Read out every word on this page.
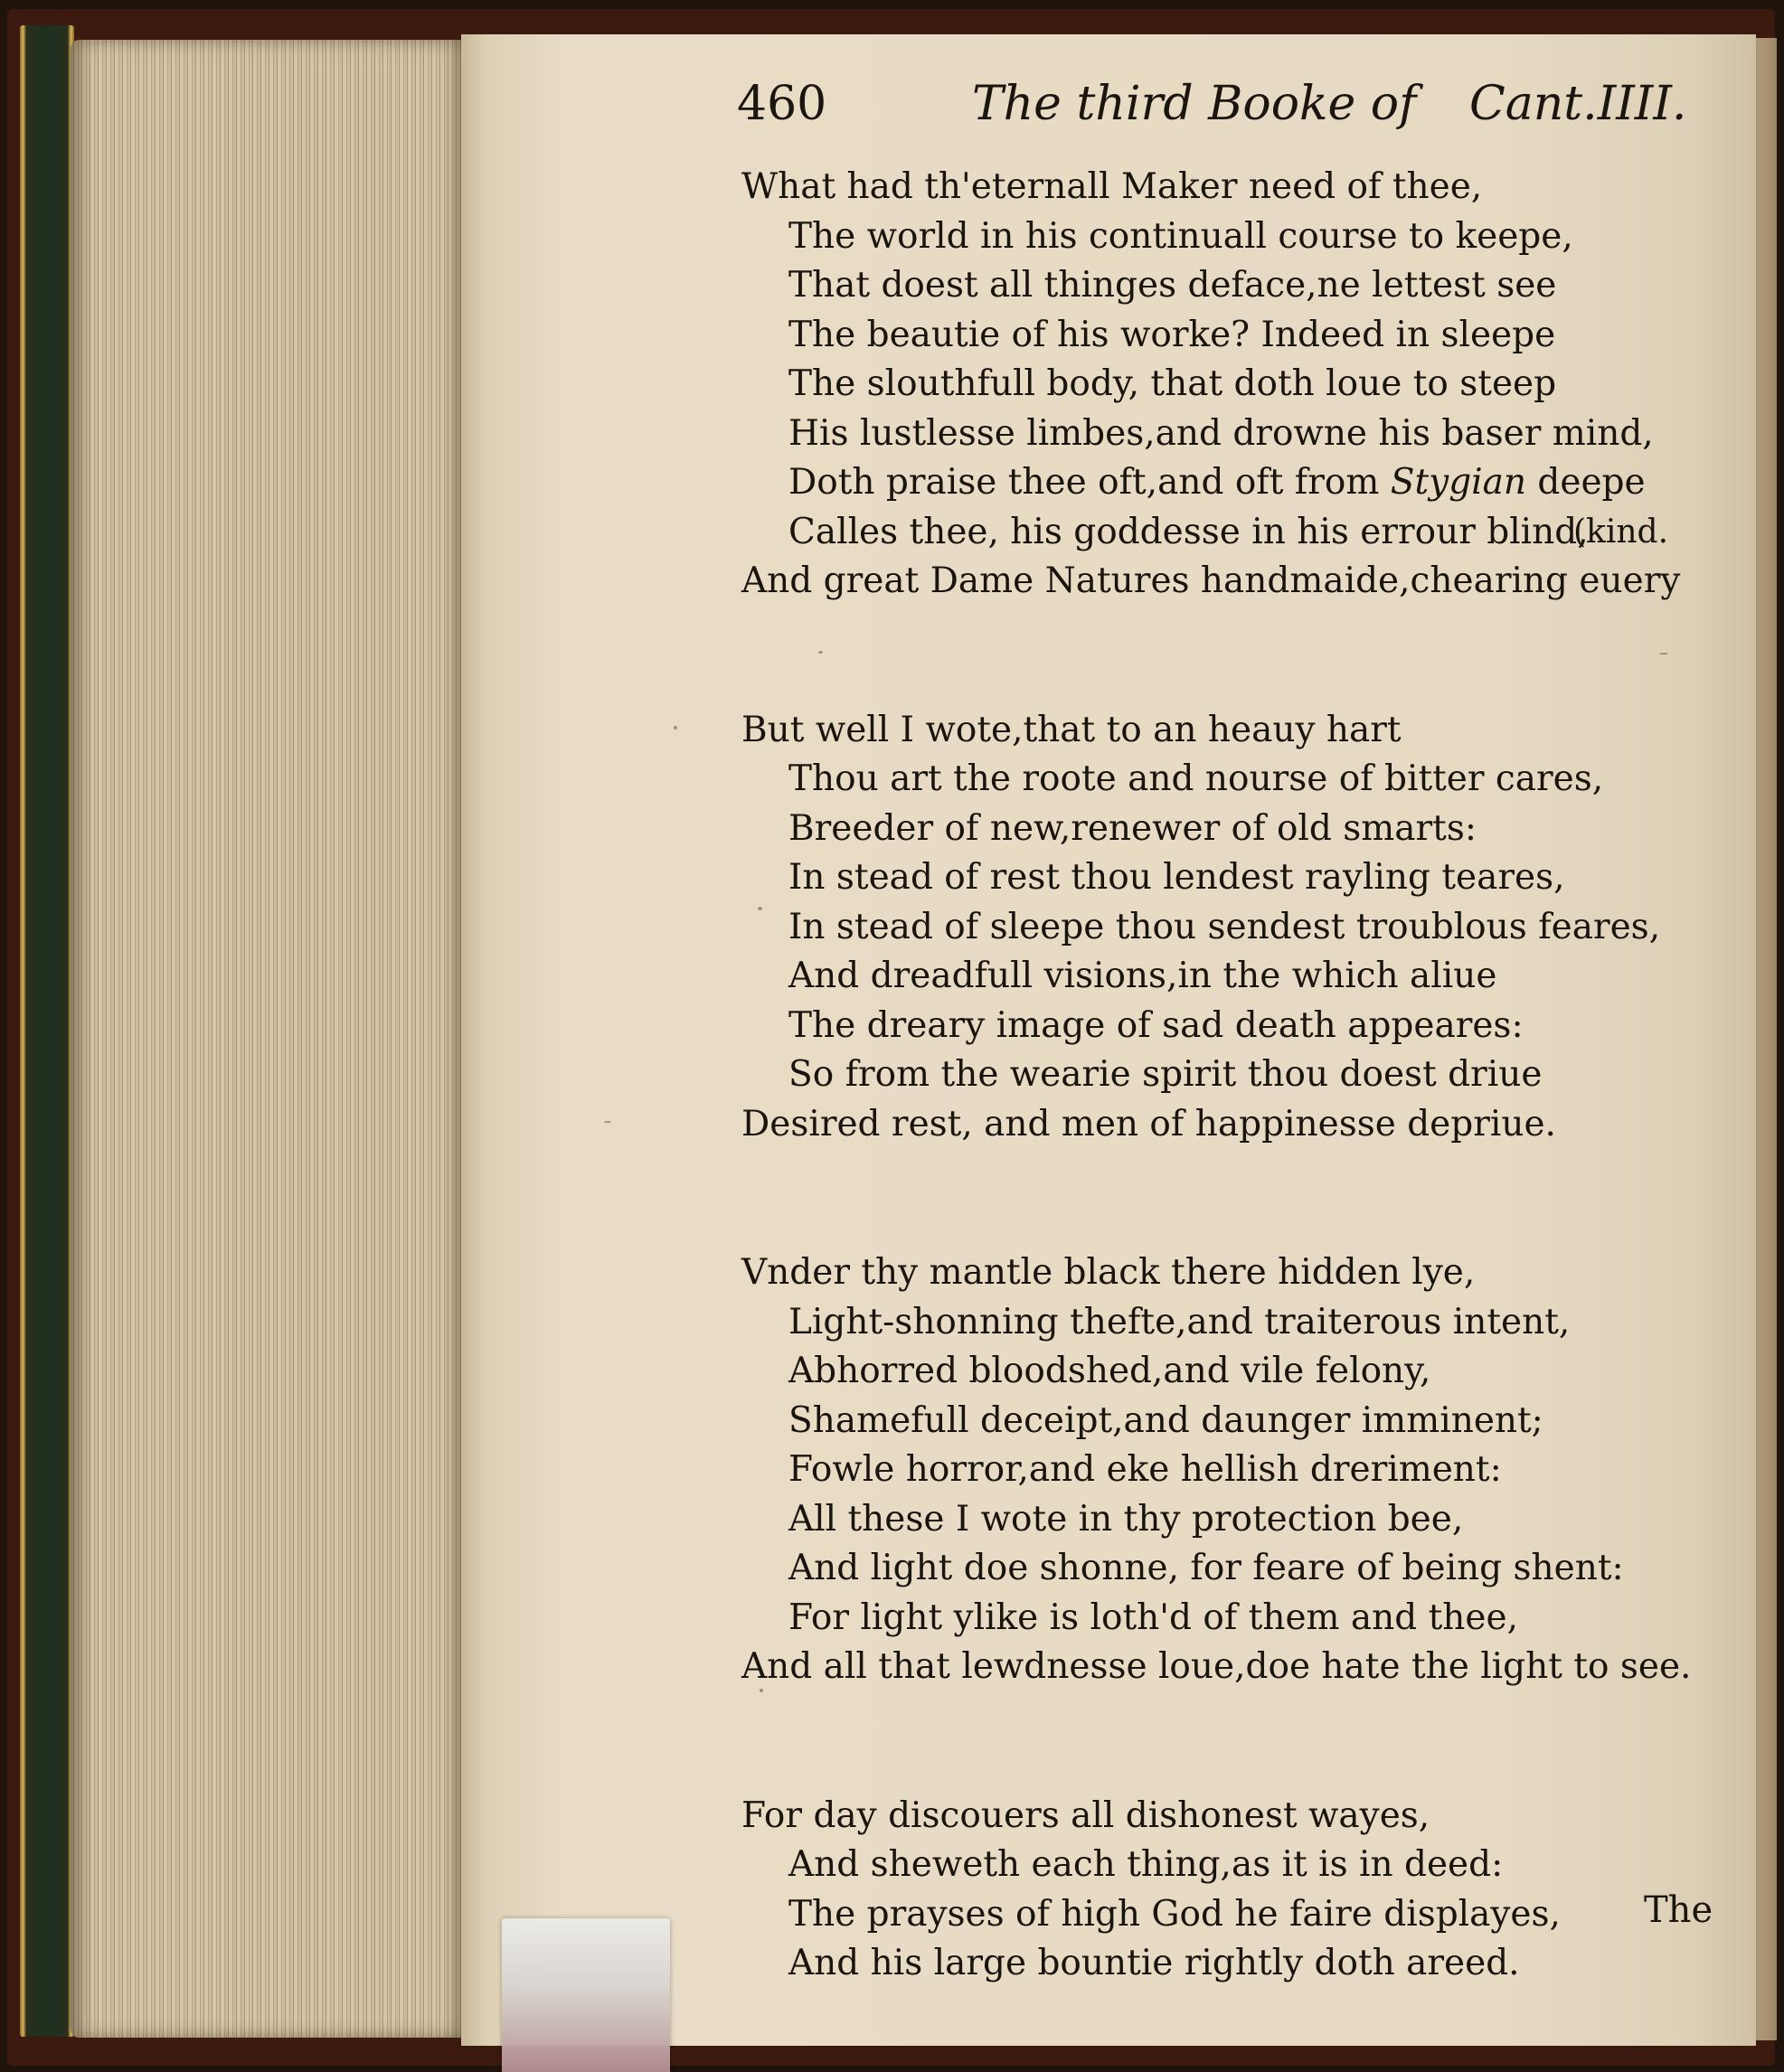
460	The third Booke of Cant.IIII.
What had th'eternall Maker need of thee,
The world in his continuall course to keepe,
That doest all thinges deface,ne lettest see
The beautie of his worke? Indeed in sleepe
The slouthfull body, that doth loue to steep
His lustlesse limbes,and drowne his baser mind,
Doth praise thee oft,and oft from Stygian deepe
Calles thee, his goddesse in his errour blind,
And great Dame Natures handmaide,chearing euery
But well I wote,that to an heauy hart
Thou art the roote and nourse of bitter cares,
Breeder of new,renewer of old smarts:
In stead of rest thou lendest rayling teares,
In stead of sleepe thou sendest troublous feares,
And dreadfull visions,in the which aliue
The dreary image of sad death appeares:
So from the wearie spirit thou doest driue
Desired rest, and men of happinesse depriue.
Vnder thy mantle black there hidden lye,
Light-shonning thefte,and traiterous intent,
Abhorred bloodshed,and vile felony,
Shamefull deceipt,and daunger imminent;
Fowle horror,and eke hellish dreriment:
All these I wote in thy protection bee,
And light doe shonne, for feare of being shent:
For light ylike is loth'd of them and thee,
And all that lewdnesse loue,doe hate the light to see.
For day discouers all dishonest wayes,
And sheweth each thing,as it is in deed:
The prayses of high God he faire displayes,
And his large bountie rightly doth areed.
(kind.
The
